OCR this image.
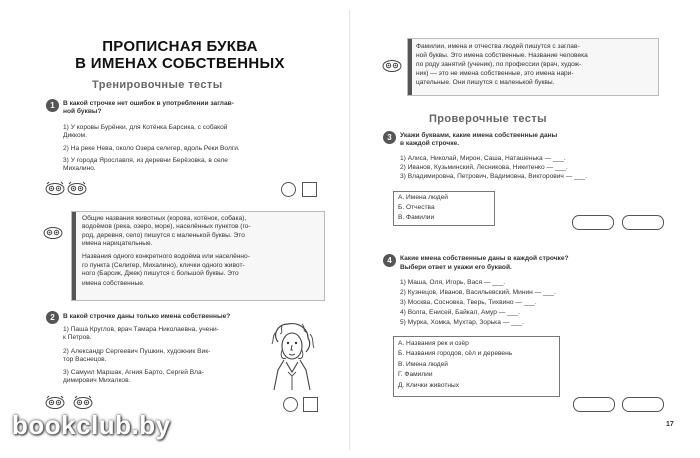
ПРОПИСНАЯ БУКВА
В ИМЕНАХ СОБСТВЕННЫХ
Тренировочные тесты
1	В какой строчке нет ошибок в употреблении заглав-
ной буквы?
1) У коровы Бурёнки, для Котёнка Барсика, с собакой
Дикком.
2) На реке Нева, около Озера селигер, вдоль Реки Волги.
3) У города Ярославля, из деревни Берёзовка, в селе
Михалино.
Общие названия животных (корова, котёнок, собака),
водоёмов (река, озеро, море), населённых пунктов (го-
род, деревня, село) пишутся с маленькой буквы. Это
имена нарицательные.
Названия одного конкретного водоёма или населённо-
го пункта (Селигер, Михалино), клички одного живот-
ного (Барсик, Джек) пишутся с большой буквы. Это
имена собственные.
2	В какой строчке даны только имена собственные?
1) Паша Круглов, врач Тамара Николаевна, учени-
к Петров.
2) Александр Сергеевич Пушкин, художник Вик-
тор Васнецов.
3) Самуил Маршак, Агния Барто, Сергей Вла-
димирович Михалков.
bookclub.by
Фамилии, имена и отчества людей пишутся с заглав-
ной буквы. Это имена собственные. Название человека
по роду занятий (ученик), по профессии (врач, худож-
ник) — это не имена собственные, это имена нари-
цательные. Они пишутся с маленькой буквы.
Проверочные тесты
3	Укажи буквами, какие имена собственные даны
в каждой строчке.
1) Алиса, Николай, Мирон, Саша, Наташенька — ___.
2) Иванов, Кузьминский, Лесниковa, Никитенко — ___.
3) Владимировна, Петрович, Вадимовна, Викторович — ___.
А. Имена людей
Б. Отчества
В. Фамилии
4	Какие имена собственные даны в каждой строчке?
Выбери ответ и укажи его буквой.
1) Маша, Оля, Игорь, Вася — ___.
2) Кузнецов, Иванов, Васильевский, Минин — ___.
3) Москва, Сосновка, Тверь, Тихвино — ___.
4) Волга, Енисей, Байкал, Амур — ___.
5) Мурка, Хомка, Мухтар, Зорька — ___.
А. Названия рек и озёр
Б. Названия городов, сёл и деревень
В. Имена людей
Г. Фамилии
Д. Клички животных
17
